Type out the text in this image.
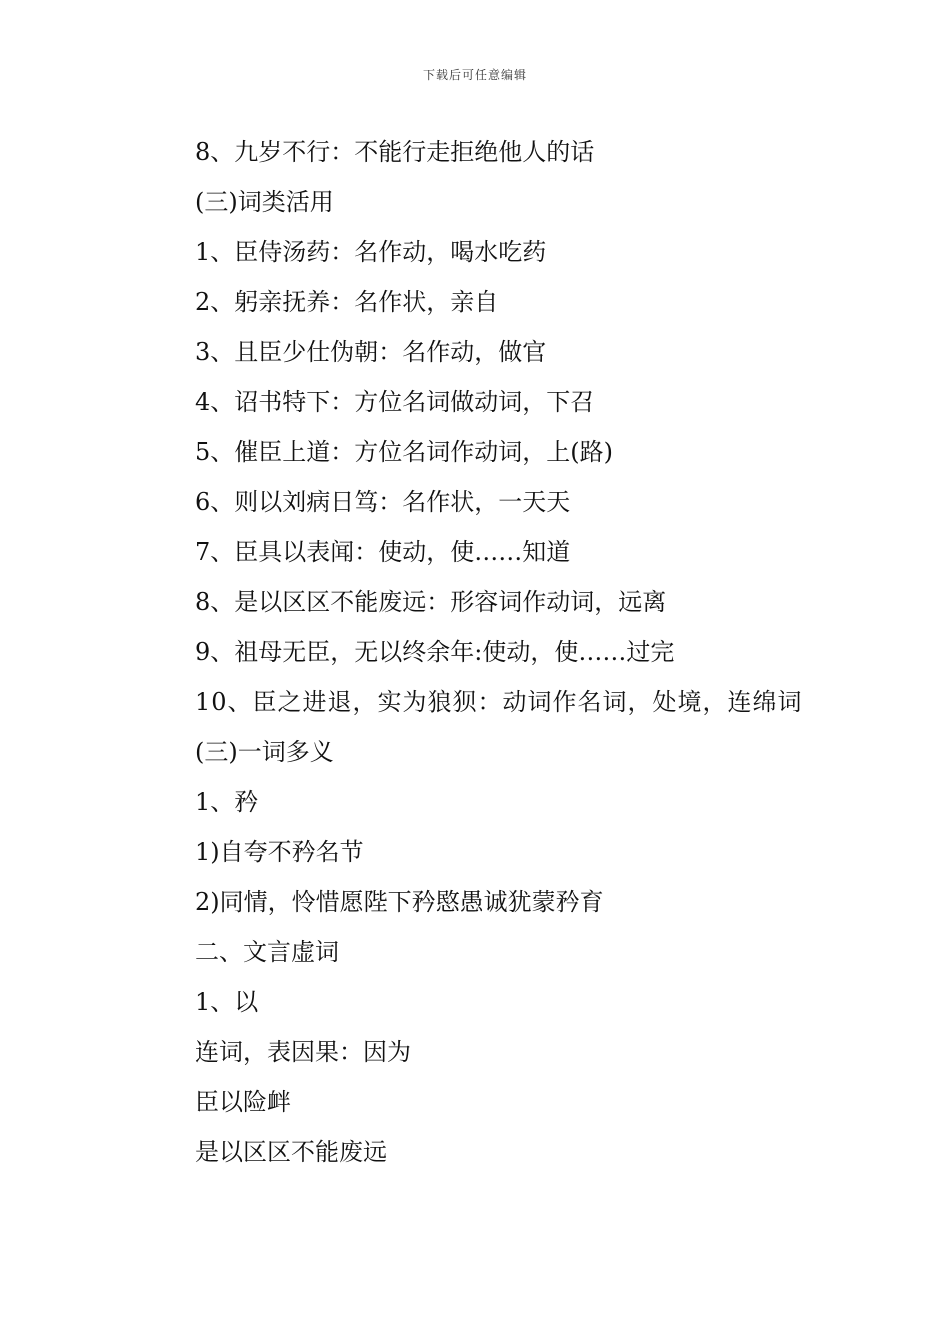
下载后可任意编辑

8、九岁不行：不能行走拒绝他人的话

(三)词类活用

1、臣侍汤药：名作动，喝水吃药

2、躬亲抚养：名作状，亲自

3、且臣少仕伪朝：名作动，做官

4、诏书特下：方位名词做动词，下召

5、催臣上道：方位名词作动词，上(路)

6、则以刘病日笃：名作状，一天天

7、臣具以表闻：使动，使……知道

8、是以区区不能废远：形容词作动词，远离

9、祖母无臣，无以终余年:使动，使……过完

10、臣之进退，实为狼狈：动词作名词，处境，连绵词

(三)一词多义

1、矜

1)自夸不矜名节

2)同情，怜惜愿陛下矜愍愚诚犹蒙矜育

二、文言虚词

1、以

连词，表因果：因为

臣以险衅

是以区区不能废远
